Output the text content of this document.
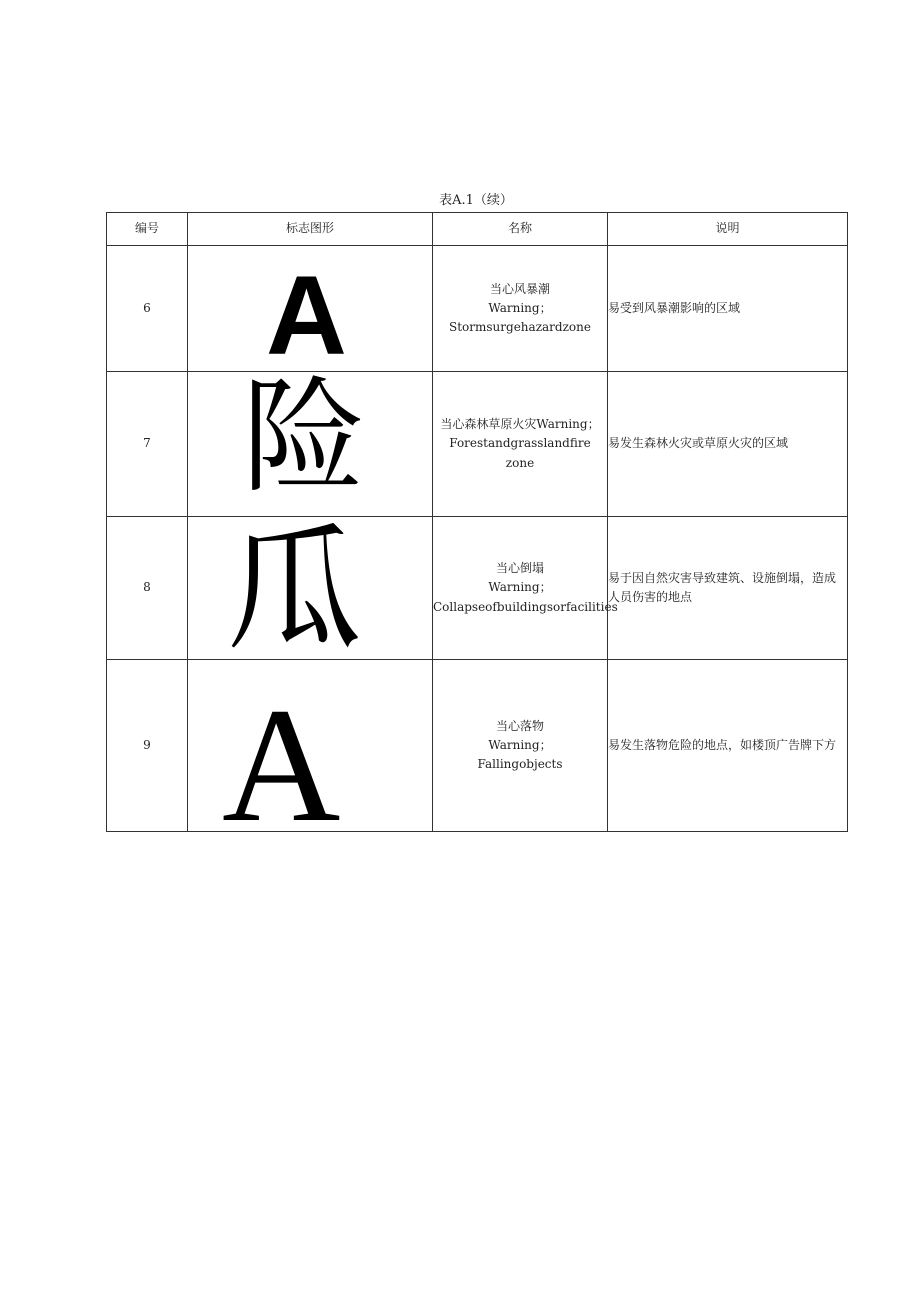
表A.1（续）
编号	标志图形	名称	说明
6	A	当心风暴潮
Warning；
Stormsurgehazardzone	易受到风暴潮影响的区域
7	险	当心森林草原火灾Warning；
Forestandgrasslandfire
zone	易发生森林火灾或草原火灾的区域
8	瓜	当心倒塌
Warning；
Collapseofbuildingsorfacilities	易于因自然灾害导致建筑、设施倒塌，造成人员伤害的地点
9	A	当心落物
Warning；
Fallingobjects	易发生落物危险的地点，如楼顶广告牌下方
